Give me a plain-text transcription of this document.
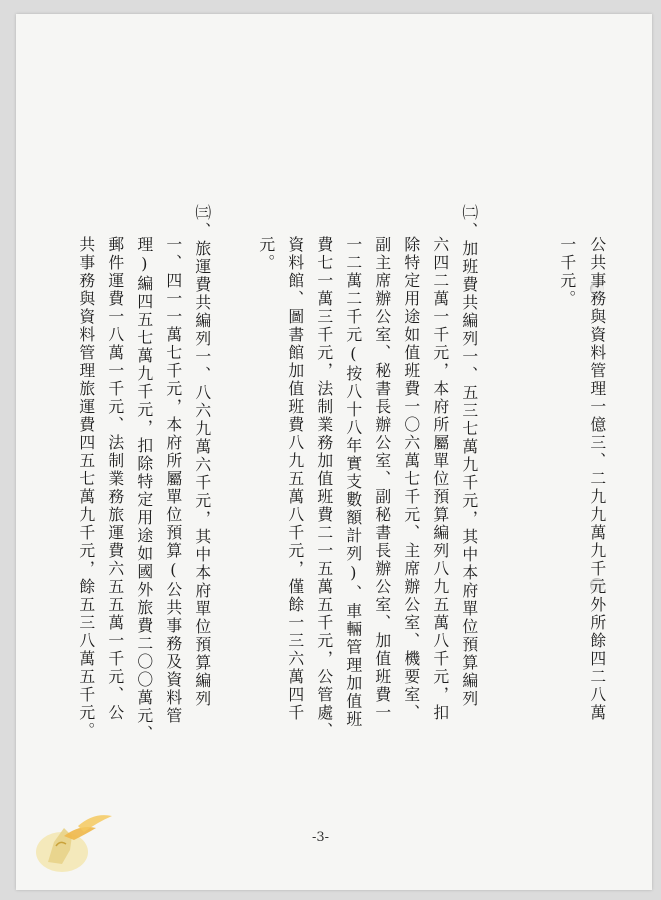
公共事務與資料管理一億三、二九九萬九千元外所餘四二八萬
一千元。
㈡、加班費共編列一、五三七萬九千元，其中本府單位預算編列
六四二萬一千元，本府所屬單位預算編列八九五萬八千元，扣
除特定用途如值班費一〇六萬七千元、主席辦公室、機要室、
副主席辦公室、秘書長辦公室、副秘書長辦公室、加值班費一
一二萬二千元(按八十八年實支數額計列)、車輛管理加值班
費七一萬三千元，法制業務加值班費二一五萬五千元，公管處、
資料館、圖書館加值班費八九五萬八千元，僅餘一三六萬四千
元。
㈢、旅運費共編列一、八六九萬六千元，其中本府單位預算編列
一、四一一萬七千元，本府所屬單位預算(公共事務及資料管
理)編四五七萬九千元，扣除特定用途如國外旅費二〇〇萬元、
郵件運費一八萬一千元、法制業務旅運費六五五萬一千元、公
共事務與資料管理旅運費四五七萬九千元，餘五三八萬五千元。
-3-
